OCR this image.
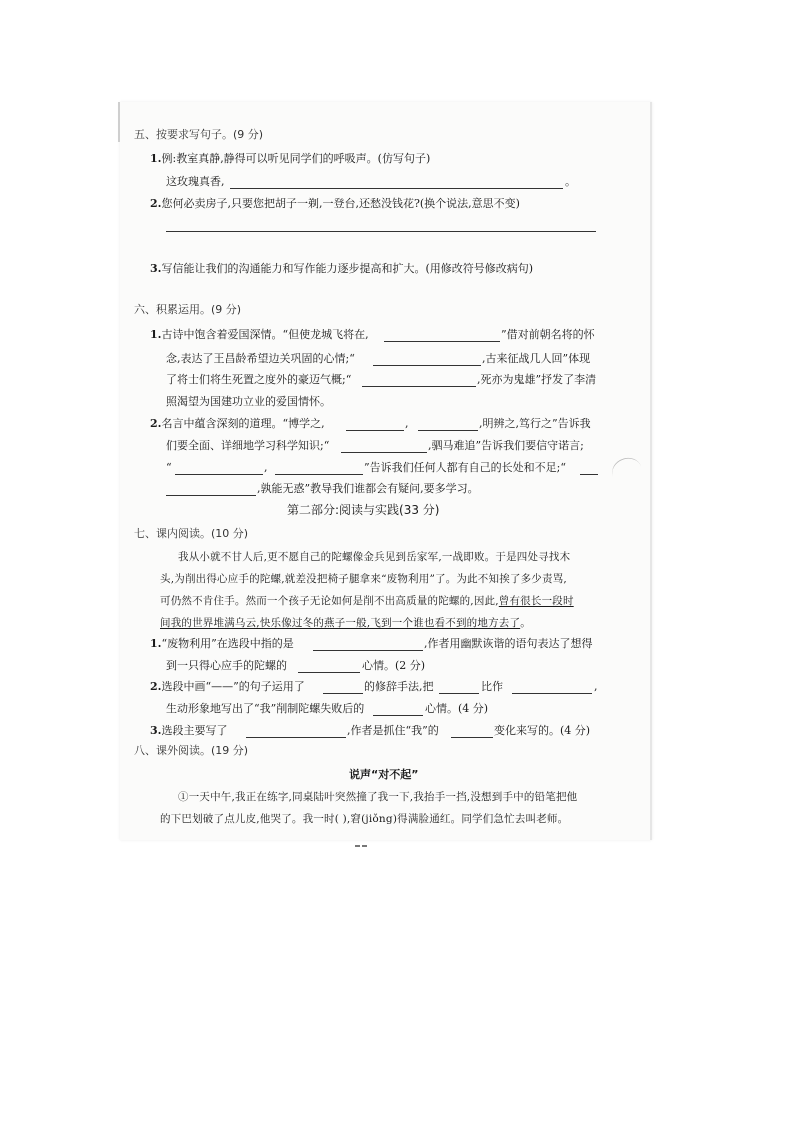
五、按要求写句子。(9 分)
1.例:教室真静,静得可以听见同学们的呼吸声。(仿写句子)
这玫瑰真香,	。
2.您何必卖房子,只要您把胡子一剃,一登台,还愁没钱花?(换个说法,意思不变)
3.写信能让我们的沟通能力和写作能力逐步提高和扩大。(用修改符号修改病句)
六、积累运用。(9 分)
1.古诗中饱含着爱国深情。“但使龙城飞将在,	”借对前朝名将的怀
念,表达了王昌龄希望边关巩固的心情;“	,古来征战几人回”体现
了将士们将生死置之度外的豪迈气概;“	,死亦为鬼雄”抒发了李清
照渴望为国建功立业的爱国情怀。
2.名言中蕴含深刻的道理。“博学之,	,	,明辨之,笃行之”告诉我
们要全面、详细地学习科学知识;“	,驷马难追”告诉我们要信守诺言;
“	,	”告诉我们任何人都有自己的长处和不足;“
,孰能无惑”教导我们谁都会有疑问,要多学习。
第二部分:阅读与实践(33 分)
七、课内阅读。(10 分)
我从小就不甘人后,更不愿自己的陀螺像金兵见到岳家军,一战即败。于是四处寻找木
头,为削出得心应手的陀螺,就差没把椅子腿拿来“废物利用”了。为此不知挨了多少责骂,
可仍然不肯住手。然而一个孩子无论如何是削不出高质量的陀螺的,因此,曾有很长一段时
间我的世界堆满乌云,快乐像过冬的燕子一般,飞到一个谁也看不到的地方去了。
1.“废物利用”在选段中指的是	,作者用幽默诙谐的语句表达了想得
到一只得心应手的陀螺的	心情。(2 分)
2.选段中画“——”的句子运用了	的修辞手法,把	比作	,
生动形象地写出了“我”削制陀螺失败后的	心情。(4 分)
3.选段主要写了	,作者是抓住“我”的	变化来写的。(4 分)
八、课外阅读。(19 分)
说声“对不起”
①一天中午,我正在练字,同桌陆叶突然撞了我一下,我抬手一挡,没想到手中的铅笔把他
的下巴划破了点儿皮,他哭了。我一时( ),窘(jiǒng)得满脸通红。同学们急忙去叫老师。
